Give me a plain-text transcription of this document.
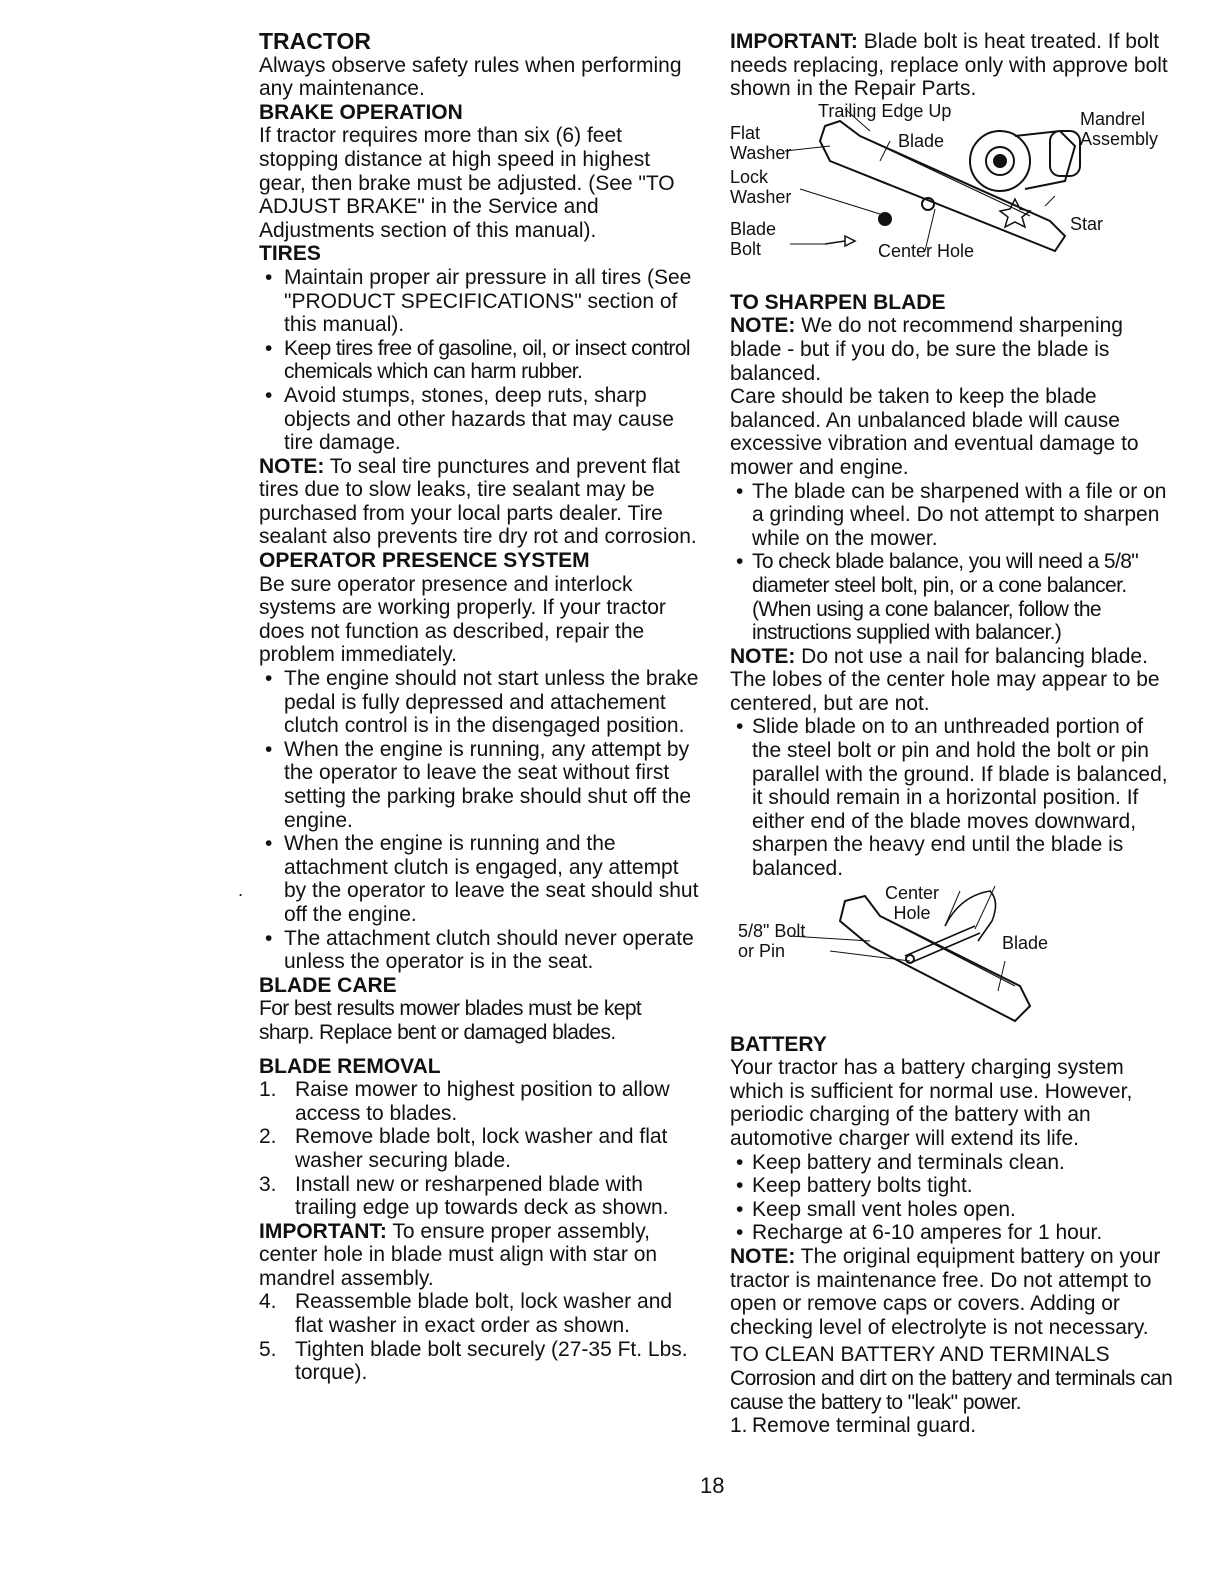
.
TRACTOR

Always observe safety rules when performing any maintenance.

BRAKE OPERATION

If tractor requires more than six (6) feet stopping distance at high speed in highest gear, then brake must be adjusted. (See "TO ADJUST BRAKE" in the Service and Adjustments section of this manual).

TIRES
• Maintain proper air pressure in all tires (See "PRODUCT SPECIFICATIONS" section of this manual).
• Keep tires free of gasoline, oil, or insect control chemicals which can harm rubber.
• Avoid stumps, stones, deep ruts, sharp objects and other hazards that may cause tire damage.

NOTE: To seal tire punctures and prevent flat tires due to slow leaks, tire sealant may be purchased from your local parts dealer. Tire sealant also prevents tire dry rot and corrosion.

OPERATOR PRESENCE SYSTEM

Be sure operator presence and interlock systems are working properly. If your tractor does not function as described, repair the problem immediately.

• The engine should not start unless the brake pedal is fully depressed and attachement clutch control is in the disengaged position.
• When the engine is running, any attempt by the operator to leave the seat without first setting the parking brake should shut off the engine.
• When the engine is running and the attachment clutch is engaged, any attempt by the operator to leave the seat should shut off the engine.
• The attachment clutch should never operate unless the operator is in the seat.
BLADE CARE

For best results mower blades must be kept sharp. Replace bent or damaged blades.

BLADE REMOVAL
1. Raise mower to highest position to allow access to blades.
2. Remove blade bolt, lock washer and flat washer securing blade.
3. Install new or resharpened blade with trailing edge up towards deck as shown.

IMPORTANT: To ensure proper assembly, center hole in blade must align with star on mandrel assembly.

4. Reassemble blade bolt, lock washer and flat washer in exact order as shown.
5. Tighten blade bolt securely (27-35 Ft. Lbs. torque).

IMPORTANT: Blade bolt is heat treated. If bolt needs replacing, replace only with approve bolt shown in the Repair Parts.

Trailing Edge Up
Flat
Washer
Blade
Mandrel
Assembly
Lock
Washer
Star
Blade
Bolt	Center Hole
TO SHARPEN BLADE

NOTE: We do not recommend sharpening blade - but if you do, be sure the blade is balanced.

Care should be taken to keep the blade balanced. An unbalanced blade will cause excessive vibration and eventual damage to mower and engine.

• The blade can be sharpened with a file or on a grinding wheel. Do not attempt to sharpen while on the mower.
• To check blade balance, you will need a 5/8" diameter steel bolt, pin, or a cone balancer. (When using a cone balancer, follow the instructions supplied with balancer.)

NOTE: Do not use a nail for balancing blade. The lobes of the center hole may appear to be centered, but are not.

• Slide blade on to an unthreaded portion of the steel bolt or pin and hold the bolt or pin parallel with the ground. If blade is balanced, it should remain in a horizontal position. If either end of the blade moves downward, sharpen the heavy end until the blade is balanced.
Center
Hole
5/8" Bolt
or Pin	Blade
BATTERY

Your tractor has a battery charging system which is sufficient for normal use. However, periodic charging of the battery with an automotive charger will extend its life.

• Keep battery and terminals clean.
• Keep battery bolts tight.
• Keep small vent holes open.
• Recharge at 6-10 amperes for 1 hour.

NOTE: The original equipment battery on your tractor is maintenance free. Do not attempt to open or remove caps or covers. Adding or checking level of electrolyte is not necessary.

TO CLEAN BATTERY AND TERMINALS

Corrosion and dirt on the battery and terminals can cause the battery to "leak" power.

1. Remove terminal guard.
18
